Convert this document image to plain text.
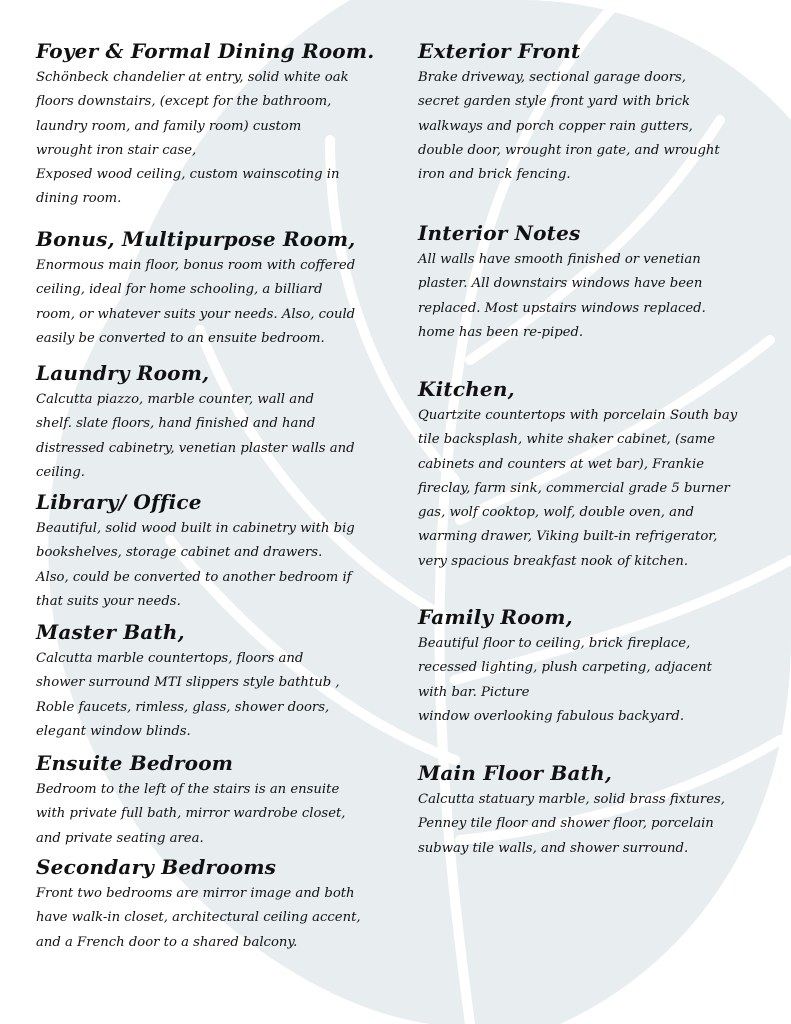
Foyer & Formal Dining Room.

Schönbeck chandelier at entry, solid white oak
floors downstairs, (except for the bathroom,
laundry room, and family room) custom
wrought iron stair case,
Exposed wood ceiling, custom wainscoting in
dining room.

Bonus, Multipurpose Room,

Enormous main floor, bonus room with coffered
ceiling, ideal for home schooling, a billiard
room, or whatever suits your needs. Also, could
easily be converted to an ensuite bedroom.

Laundry Room,

Calcutta piazzo, marble counter, wall and
shelf. slate floors, hand finished and hand
distressed cabinetry, venetian plaster walls and
ceiling.

Library/ Office

Beautiful, solid wood built in cabinetry with big
bookshelves, storage cabinet and drawers.
Also, could be converted to another bedroom if
that suits your needs.

Master Bath,

Calcutta marble countertops, floors and
shower surround MTI slippers style bathtub ,
Roble faucets, rimless, glass, shower doors,
elegant window blinds.

Ensuite Bedroom

Bedroom to the left of the stairs is an ensuite
with private full bath, mirror wardrobe closet,
and private seating area.

Secondary Bedrooms

Front two bedrooms are mirror image and both
have walk-in closet, architectural ceiling accent,
and a French door to a shared balcony.

Exterior Front

Brake driveway, sectional garage doors,
secret garden style front yard with brick
walkways and porch copper rain gutters,
double door, wrought iron gate, and wrought
iron and brick fencing.

Interior Notes

All walls have smooth finished or venetian
plaster. All downstairs windows have been
replaced. Most upstairs windows replaced.
home has been re-piped.

Kitchen,

Quartzite countertops with porcelain South bay
tile backsplash, white shaker cabinet, (same
cabinets and counters at wet bar), Frankie
fireclay, farm sink, commercial grade 5 burner
gas, wolf cooktop, wolf, double oven, and
warming drawer, Viking built-in refrigerator,
very spacious breakfast nook of kitchen.

Family Room,

Beautiful floor to ceiling, brick fireplace,
recessed lighting, plush carpeting, adjacent
with bar. Picture
window overlooking fabulous backyard.

Main Floor Bath,

Calcutta statuary marble, solid brass fixtures,
Penney tile floor and shower floor, porcelain
subway tile walls, and shower surround.
